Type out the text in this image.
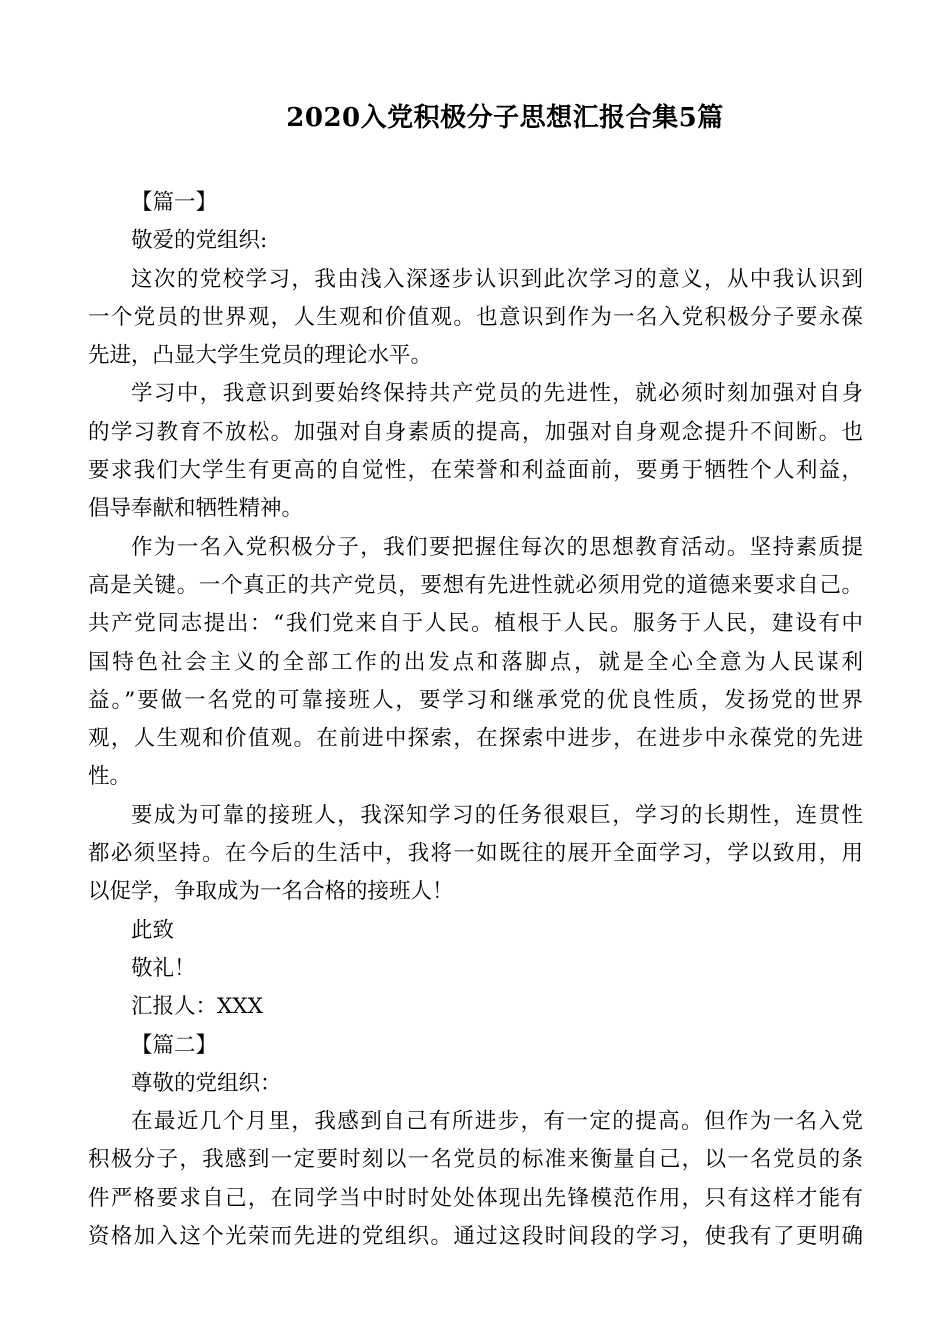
2020入党积极分子思想汇报合集5篇
【篇一】
敬爱的党组织:
这次的党校学习，我由浅入深逐步认识到此次学习的意义，从中我认识到
一个党员的世界观，人生观和价值观。也意识到作为一名入党积极分子要永葆
先进，凸显大学生党员的理论水平。
学习中，我意识到要始终保持共产党员的先进性，就必须时刻加强对自身
的学习教育不放松。加强对自身素质的提高，加强对自身观念提升不间断。也
要求我们大学生有更高的自觉性，在荣誉和利益面前，要勇于牺牲个人利益，
倡导奉献和牺牲精神。
作为一名入党积极分子，我们要把握住每次的思想教育活动。坚持素质提
高是关键。一个真正的共产党员，要想有先进性就必须用党的道德来要求自己。
共产党同志提出：“我们党来自于人民。植根于人民。服务于人民，建设有中
国特色社会主义的全部工作的出发点和落脚点，就是全心全意为人民谋利
益。”要做一名党的可靠接班人，要学习和继承党的优良性质，发扬党的世界
观，人生观和价值观。在前进中探索，在探索中进步，在进步中永葆党的先进
性。
要成为可靠的接班人，我深知学习的任务很艰巨，学习的长期性，连贯性
都必须坚持。在今后的生活中，我将一如既往的展开全面学习，学以致用，用
以促学，争取成为一名合格的接班人！
此致
敬礼！
汇报人：XXX
【篇二】
尊敬的党组织：
在最近几个月里，我感到自己有所进步，有一定的提高。但作为一名入党
积极分子，我感到一定要时刻以一名党员的标准来衡量自己，以一名党员的条
件严格要求自己，在同学当中时时处处体现出先锋模范作用，只有这样才能有
资格加入这个光荣而先进的党组织。通过这段时间段的学习，使我有了更明确
